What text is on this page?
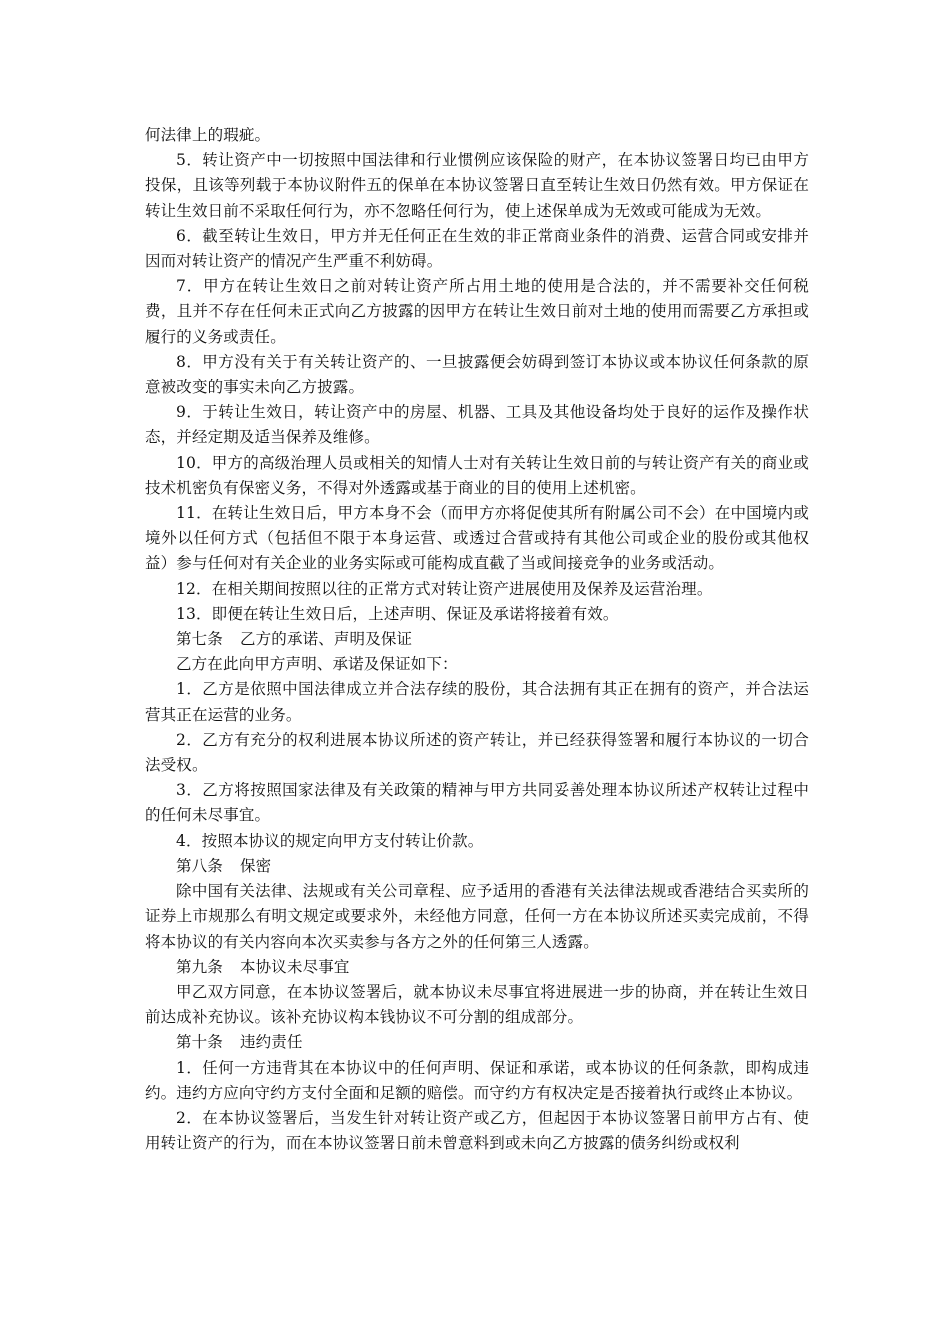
何法律上的瑕疵。

5．转让资产中一切按照中国法律和行业惯例应该保险的财产，在本协议签署日均已由甲方投保，且该等列载于本协议附件五的保单在本协议签署日直至转让生效日仍然有效。甲方保证在转让生效日前不采取任何行为，亦不忽略任何行为，使上述保单成为无效或可能成为无效。

6．截至转让生效日，甲方并无任何正在生效的非正常商业条件的消费、运营合同或安排并因而对转让资产的情况产生严重不利妨碍。

7．甲方在转让生效日之前对转让资产所占用土地的使用是合法的，并不需要补交任何税费，且并不存在任何未正式向乙方披露的因甲方在转让生效日前对土地的使用而需要乙方承担或履行的义务或责任。

8．甲方没有关于有关转让资产的、一旦披露便会妨碍到签订本协议或本协议任何条款的原意被改变的事实未向乙方披露。

9．于转让生效日，转让资产中的房屋、机器、工具及其他设备均处于良好的运作及操作状态，并经定期及适当保养及维修。

10．甲方的高级治理人员或相关的知情人士对有关转让生效日前的与转让资产有关的商业或技术机密负有保密义务，不得对外透露或基于商业的目的使用上述机密。

11．在转让生效日后，甲方本身不会（而甲方亦将促使其所有附属公司不会）在中国境内或境外以任何方式（包括但不限于本身运营、或透过合营或持有其他公司或企业的股份或其他权益）参与任何对有关企业的业务实际或可能构成直截了当或间接竞争的业务或活动。

12．在相关期间按照以往的正常方式对转让资产进展使用及保养及运营治理。

13．即便在转让生效日后，上述声明、保证及承诺将接着有效。

第七条 乙方的承诺、声明及保证

乙方在此向甲方声明、承诺及保证如下：

1．乙方是依照中国法律成立并合法存续的股份，其合法拥有其正在拥有的资产，并合法运营其正在运营的业务。

2．乙方有充分的权利进展本协议所述的资产转让，并已经获得签署和履行本协议的一切合法受权。

3．乙方将按照国家法律及有关政策的精神与甲方共同妥善处理本协议所述产权转让过程中的任何未尽事宜。

4．按照本协议的规定向甲方支付转让价款。

第八条 保密

除中国有关法律、法规或有关公司章程、应予适用的香港有关法律法规或香港结合买卖所的证券上市规那么有明文规定或要求外，未经他方同意，任何一方在本协议所述买卖完成前，不得将本协议的有关内容向本次买卖参与各方之外的任何第三人透露。

第九条 本协议未尽事宜

甲乙双方同意，在本协议签署后，就本协议未尽事宜将进展进一步的协商，并在转让生效日前达成补充协议。该补充协议构本钱协议不可分割的组成部分。

第十条 违约责任

1．任何一方违背其在本协议中的任何声明、保证和承诺，或本协议的任何条款，即构成违约。违约方应向守约方支付全面和足额的赔偿。而守约方有权决定是否接着执行或终止本协议。

2．在本协议签署后，当发生针对转让资产或乙方，但起因于本协议签署日前甲方占有、使用转让资产的行为，而在本协议签署日前未曾意料到或未向乙方披露的债务纠纷或权利
